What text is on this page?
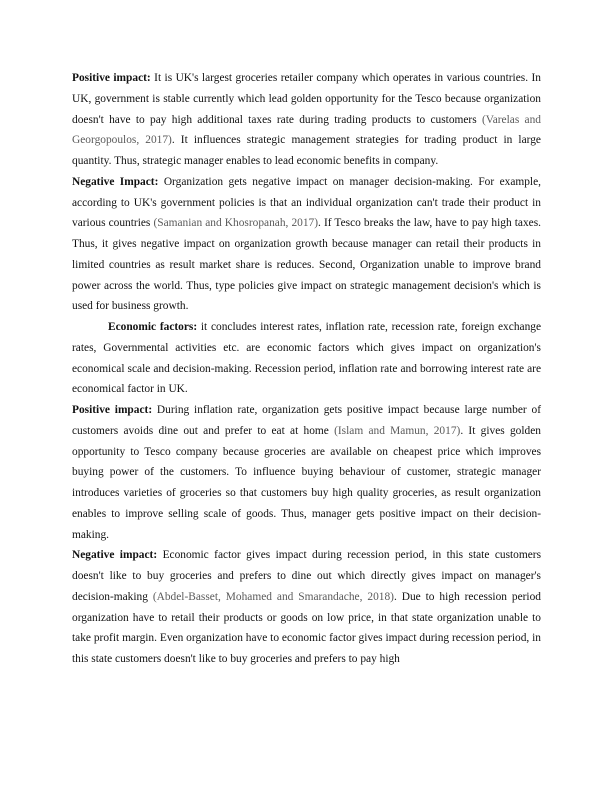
Positive impact: It is UK's largest groceries retailer company which operates in various countries. In UK, government is stable currently which lead golden opportunity for the Tesco because organization doesn't have to pay high additional taxes rate during trading products to customers (Varelas and Georgopoulos, 2017). It influences strategic management strategies for trading product in large quantity. Thus, strategic manager enables to lead economic benefits in company.

Negative Impact: Organization gets negative impact on manager decision-making. For example, according to UK's government policies is that an individual organization can't trade their product in various countries (Samanian and Khosropanah, 2017). If Tesco breaks the law, have to pay high taxes. Thus, it gives negative impact on organization growth because manager can retail their products in limited countries as result market share is reduces. Second, Organization unable to improve brand power across the world. Thus, type policies give impact on strategic management decision's which is used for business growth.

Economic factors: it concludes interest rates, inflation rate, recession rate, foreign exchange rates, Governmental activities etc. are economic factors which gives impact on organization's economical scale and decision-making. Recession period, inflation rate and borrowing interest rate are economical factor in UK.

Positive impact: During inflation rate, organization gets positive impact because large number of customers avoids dine out and prefer to eat at home (Islam and Mamun, 2017). It gives golden opportunity to Tesco company because groceries are available on cheapest price which improves buying power of the customers. To influence buying behaviour of customer, strategic manager introduces varieties of groceries so that customers buy high quality groceries, as result organization enables to improve selling scale of goods. Thus, manager gets positive impact on their decision-making.

Negative impact: Economic factor gives impact during recession period, in this state customers doesn't like to buy groceries and prefers to dine out which directly gives impact on manager's decision-making (Abdel-Basset, Mohamed and Smarandache, 2018). Due to high recession period organization have to retail their products or goods on low price, in that state organization unable to take profit margin. Even organization have to economic factor gives impact during recession period, in this state customers doesn't like to buy groceries and prefers to pay high
